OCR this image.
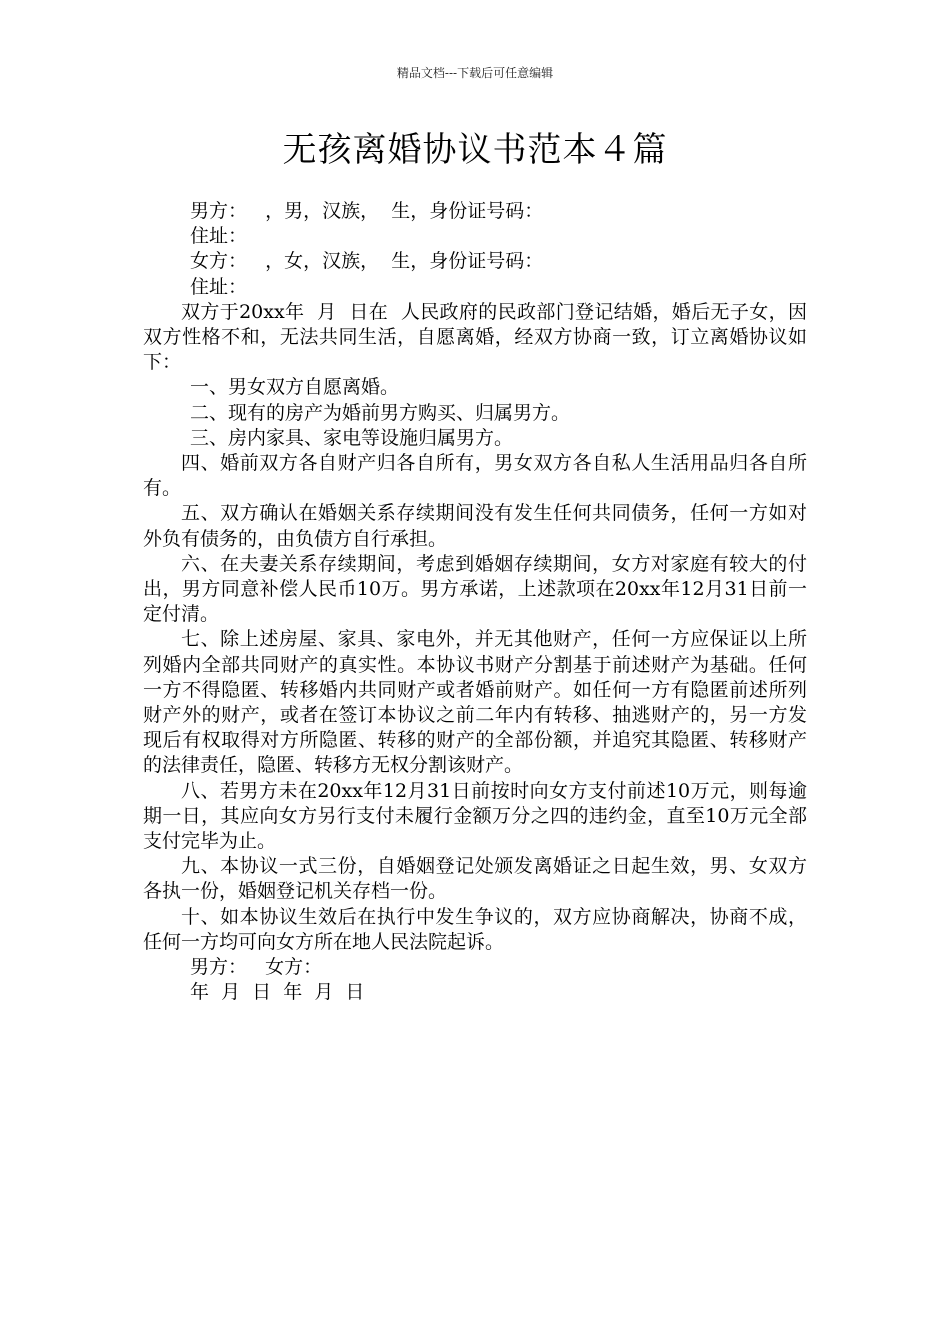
精品文档---下载后可任意编辑
无孩离婚协议书范本４篇

男方：   ，男，汉族，  生，身份证号码：

住址：

女方：   ，女，汉族，  生，身份证号码：

住址：

双方于20xx年  月  日在  人民政府的民政部门登记结婚，婚后无子女，因双方性格不和，无法共同生活，自愿离婚，经双方协商一致，订立离婚协议如下：

一、男女双方自愿离婚。

二、现有的房产为婚前男方购买、归属男方。

三、房内家具、家电等设施归属男方。

四、婚前双方各自财产归各自所有，男女双方各自私人生活用品归各自所有。

五、双方确认在婚姻关系存续期间没有发生任何共同债务，任何一方如对外负有债务的，由负债方自行承担。

六、在夫妻关系存续期间，考虑到婚姻存续期间，女方对家庭有较大的付出，男方同意补偿人民币10万。男方承诺，上述款项在20xx年12月31日前一定付清。

七、除上述房屋、家具、家电外，并无其他财产，任何一方应保证以上所列婚内全部共同财产的真实性。本协议书财产分割基于前述财产为基础。任何一方不得隐匿、转移婚内共同财产或者婚前财产。如任何一方有隐匿前述所列财产外的财产，或者在签订本协议之前二年内有转移、抽逃财产的，另一方发现后有权取得对方所隐匿、转移的财产的全部份额，并追究其隐匿、转移财产的法律责任，隐匿、转移方无权分割该财产。

八、若男方未在20xx年12月31日前按时向女方支付前述10万元，则每逾期一日，其应向女方另行支付未履行金额万分之四的违约金，直至10万元全部支付完毕为止。

九、本协议一式三份，自婚姻登记处颁发离婚证之日起生效，男、女双方各执一份，婚姻登记机关存档一份。

十、如本协议生效后在执行中发生争议的，双方应协商解决，协商不成，任何一方均可向女方所在地人民法院起诉。

男方：   女方：

年  月  日  年  月  日
